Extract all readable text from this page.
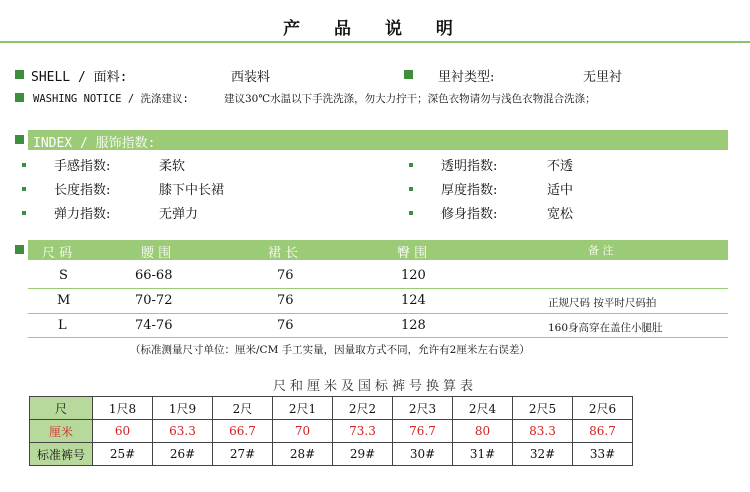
产 品 说 明
SHELL / 面料:	西装料	里衬类型:	无里衬
WASHING NOTICE / 洗涤建议:	建议30℃水温以下手洗洗涤，勿大力拧干；深色衣物请勿与浅色衣物混合洗涤；
INDEX / 服饰指数:
手感指数:	柔软	透明指数:	不透
长度指数:	膝下中长裙	厚度指数:	适中
弹力指数:	无弹力	修身指数:	宽松
尺 码	腰 围	裙 长	臀 围	备 注
S	66-68	76	120
M	70-72	76	124	正规尺码 按平时尺码拍
L	74-76	76	128	160身高穿在盖住小腿肚
（标准测量尺寸单位：厘米/CM 手工实量，因量取方式不同，允许有2厘米左右误差）
尺和厘米及国标裤号换算表
尺	1尺8	1尺9	2尺	2尺1	2尺2	2尺3	2尺4	2尺5	2尺6
厘米	60	63.3	66.7	70	73.3	76.7	80	83.3	86.7
标准裤号	25#	26#	27#	28#	29#	30#	31#	32#	33#
